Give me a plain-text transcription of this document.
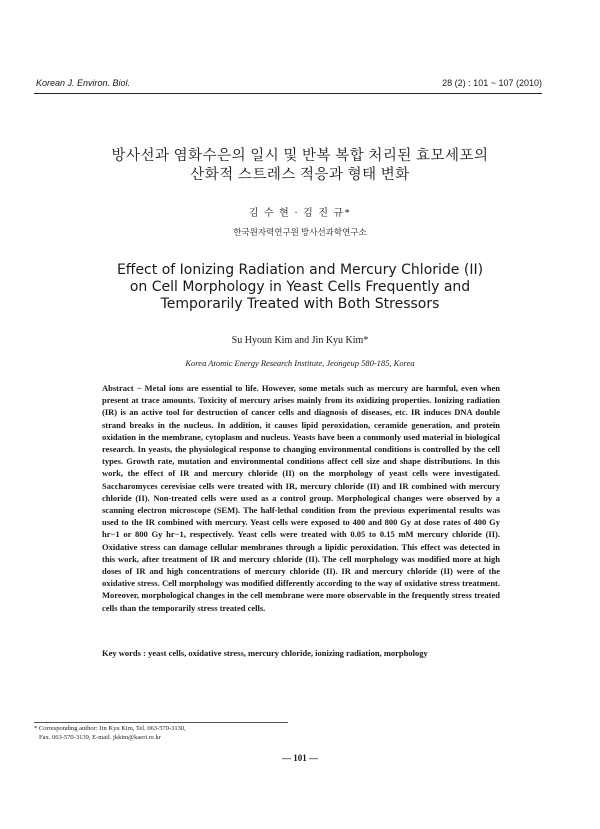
Korean J. Environ. Biol.	28 (2) : 101 ~ 107 (2010)
방사선과 염화수은의 일시 및 반복 복합 처리된 효모세포의
산화적 스트레스 적응과 형태 변화
김 수 현 · 김 진 규*
한국원자력연구원 방사선과학연구소
Effect of Ionizing Radiation and Mercury Chloride (II)
on Cell Morphology in Yeast Cells Frequently and
Temporarily Treated with Both Stressors
Su Hyoun Kim and Jin Kyu Kim*
Korea Atomic Energy Research Institute, Jeongeup 580-185, Korea
Abstract − Metal ions are essential to life. However, some metals such as mercury are harmful, even when present at trace amounts. Toxicity of mercury arises mainly from its oxidizing properties. Ionizing radiation (IR) is an active tool for destruction of cancer cells and diagnosis of diseases, etc. IR induces DNA double strand breaks in the nucleus. In addition, it causes lipid peroxidation, ceramide generation, and protein oxidation in the membrane, cytoplasm and nucleus. Yeasts have been a commonly used material in biological research. In yeasts, the physiological response to changing environmental conditions is controlled by the cell types. Growth rate, mutation and environmental conditions affect cell size and shape distributions. In this work, the effect of IR and mercury chloride (II) on the morphology of yeast cells were investigated. Saccharomyces cerevisiae cells were treated with IR, mercury chloride (II) and IR combined with mercury chloride (II). Non-treated cells were used as a control group. Morphological changes were observed by a scanning electron microscope (SEM). The half-lethal condition from the previous experimental results was used to the IR combined with mercury. Yeast cells were exposed to 400 and 800 Gy at dose rates of 400 Gy hr−1 or 800 Gy hr−1, respectively. Yeast cells were treated with 0.05 to 0.15 mM mercury chloride (II). Oxidative stress can damage cellular membranes through a lipidic peroxidation. This effect was detected in this work, after treatment of IR and mercury chloride (II). The cell morphology was modified more at high doses of IR and high concentrations of mercury chloride (II). IR and mercury chloride (II) were of the oxidative stress. Cell morphology was modified differently according to the way of oxidative stress treatment. Moreover, morphological changes in the cell membrane were more observable in the frequently stress treated cells than the temporarily stress treated cells.
Key words : yeast cells, oxidative stress, mercury chloride, ionizing radiation, morphology
* Corresponding author: Jin Kyu Kim, Tel. 063-570-3130,
Fax. 063-570-3139, E-mail. jkkim@kaeri.re.kr
— 101 —
